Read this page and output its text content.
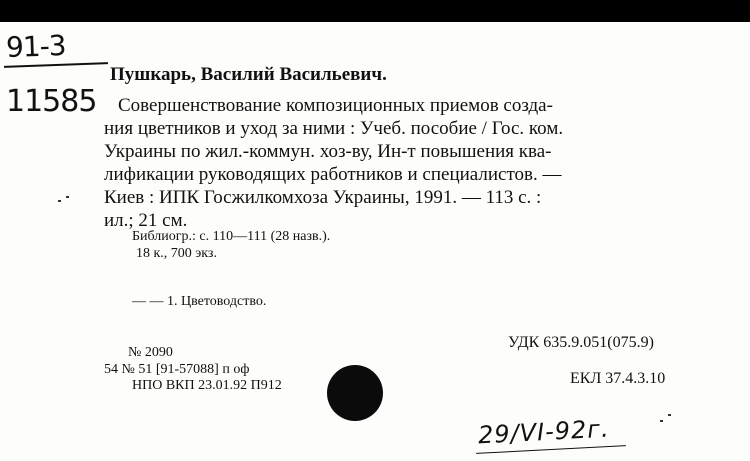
91-3
11585
Пушкарь, Василий Васильевич.
Совершенствование композиционных приемов созда-
ния цветников и уход за ними : Учеб. пособие / Гос. ком.
Украины по жил.-коммун. хоз-ву, Ин-т повышения ква-
лификации руководящих работников и специалистов. —
Киев : ИПК Госжилкомхоза Украины, 1991. — 113 с. :
ил.; 21 см.
Библиогр.: с. 110—111 (28 назв.).
18 к., 700 экз.
— — 1. Цветоводство.
№ 2090
54 № 51 [91-57088] п оф
НПО ВКП 23.01.92 П912
УДК 635.9.051(075.9)
ЕКЛ 37.4.3.10
29/VI-92г.
